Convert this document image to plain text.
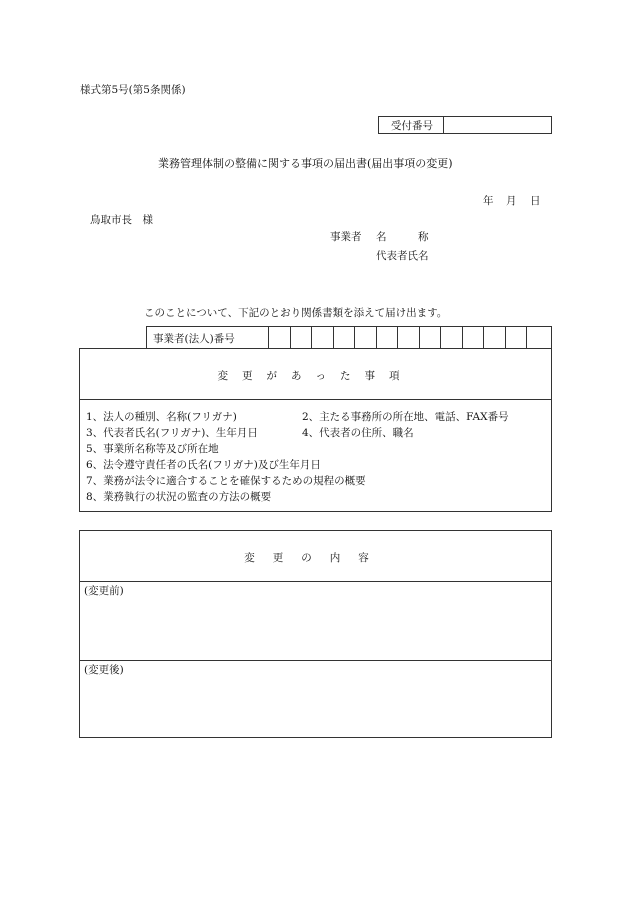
様式第5号(第5条関係)
受付番号
業務管理体制の整備に関する事項の届出書(届出事項の変更)
年 月 日
鳥取市長　様
事業者 名　　　称
代表者氏名
このことについて、下記のとおり関係書類を添えて届け出ます。
事業者(法人)番号
変更があった事項
1、法人の種別、名称(フリガナ)	2、主たる事務所の所在地、電話、FAX番号
3、代表者氏名(フリガナ)、生年月日	4、代表者の住所、職名
5、事業所名称等及び所在地
6、法令遵守責任者の氏名(フリガナ)及び生年月日
7、業務が法令に適合することを確保するための規程の概要
8、業務執行の状況の監査の方法の概要
変更の内容
(変更前)
(変更後)
